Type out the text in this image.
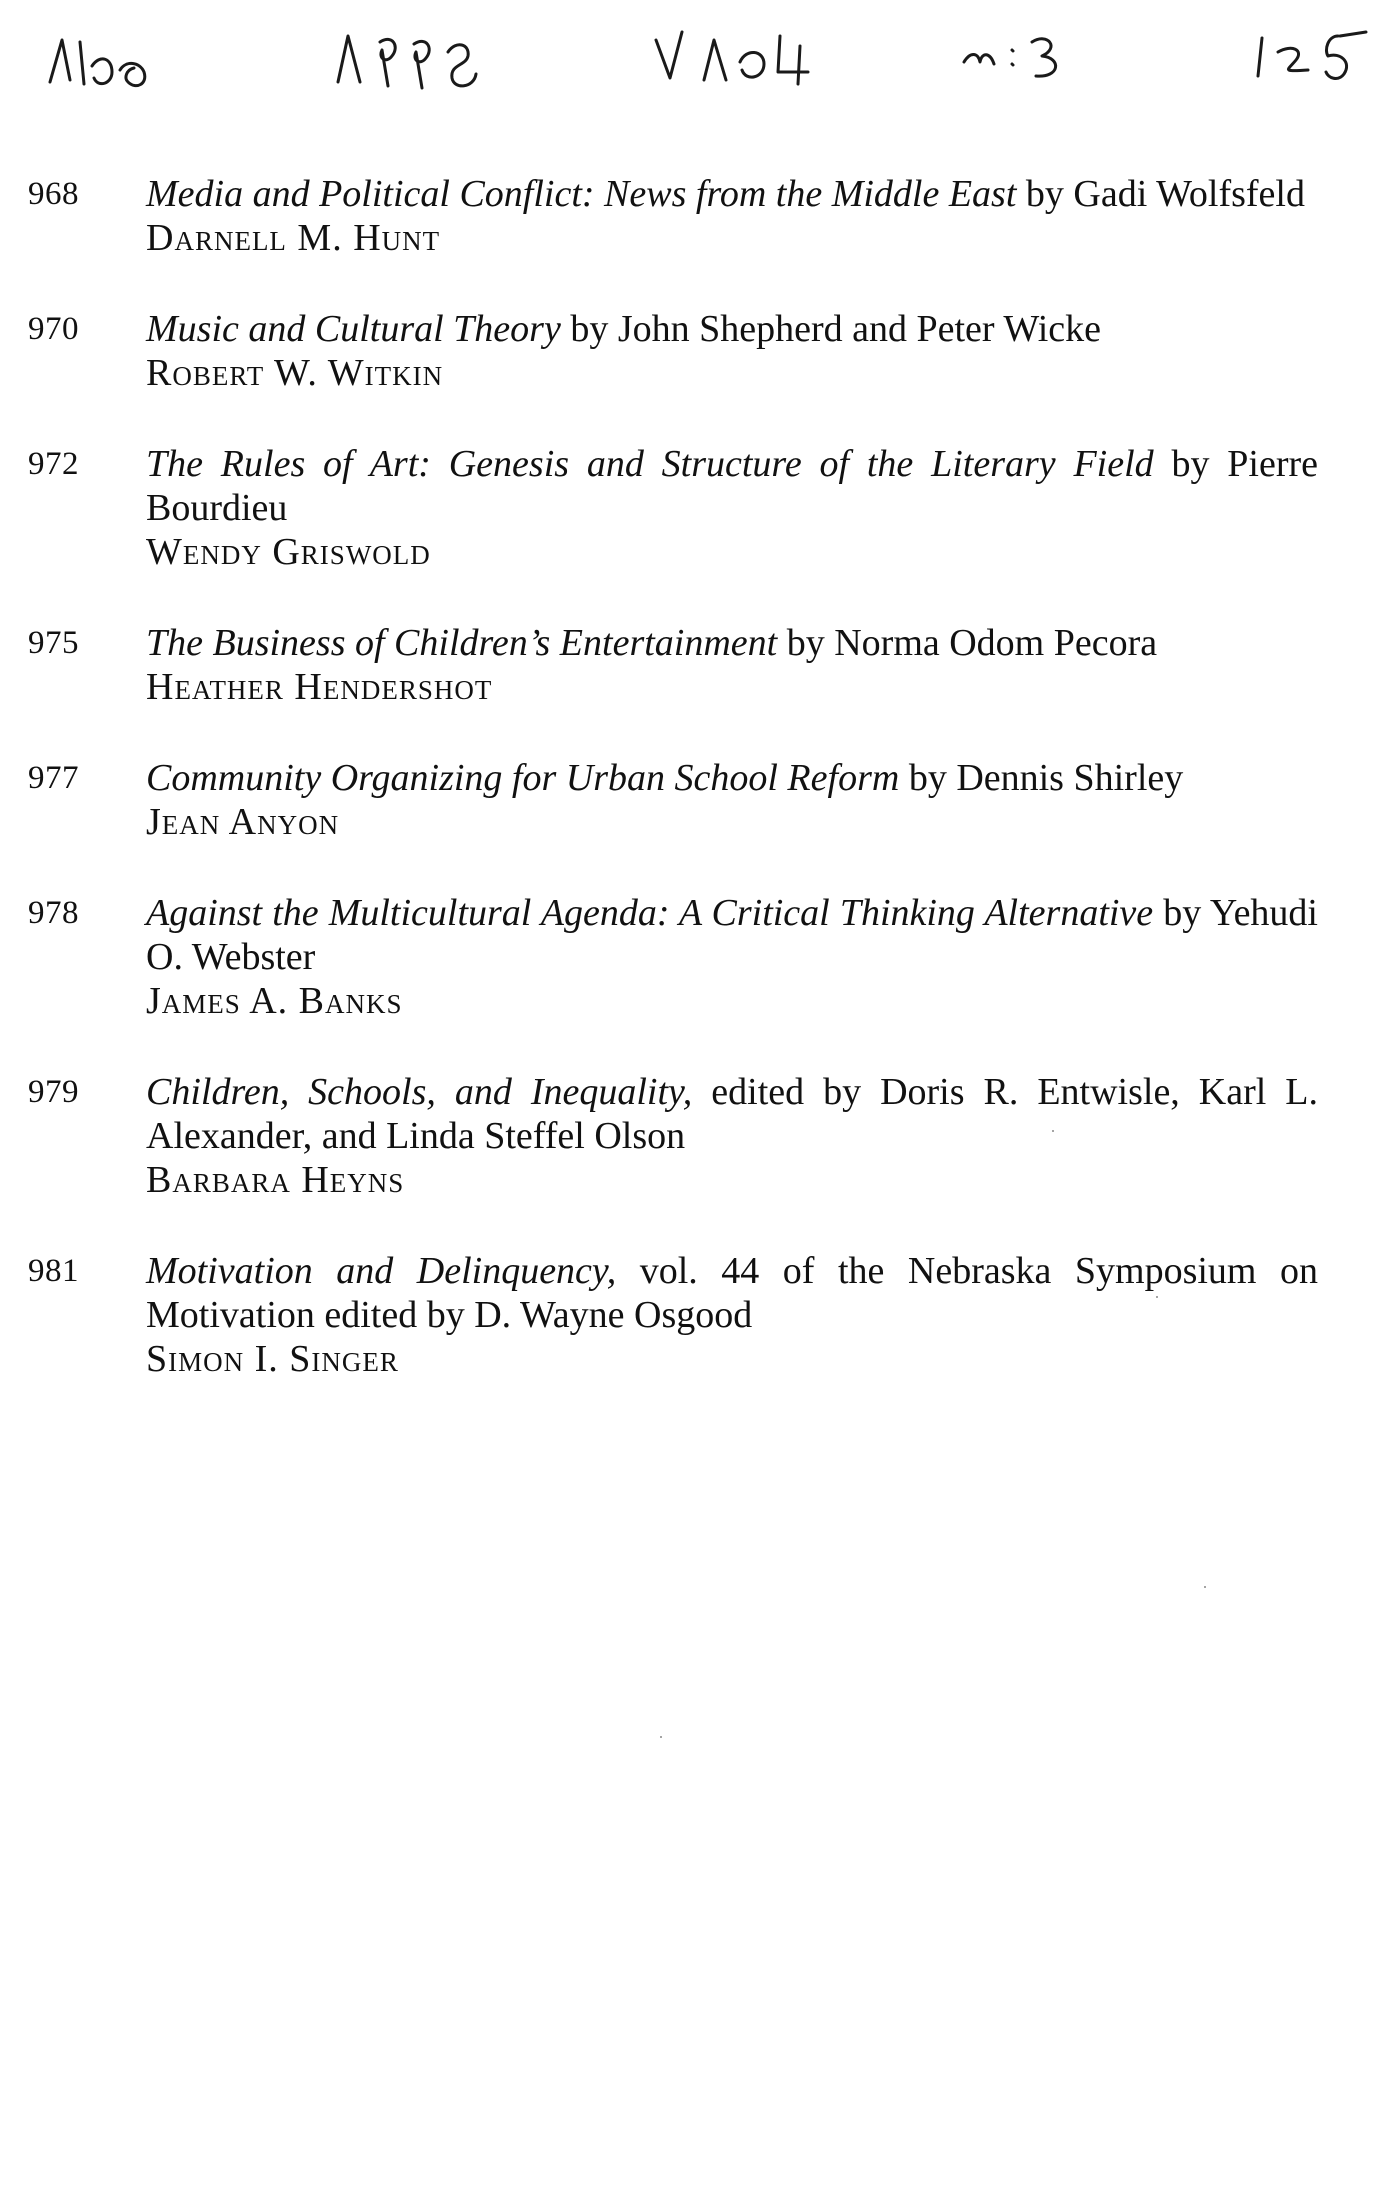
968	Media and Political Conflict: News from the Middle East by Gadi Wolfsfeld
Darnell M. Hunt
970	Music and Cultural Theory by John Shepherd and Peter Wicke
Robert W. Witkin
972	The Rules of Art: Genesis and Structure of the Literary Field by Pierre Bourdieu
Wendy Griswold
975	The Business of Children’s Entertainment by Norma Odom Pecora
Heather Hendershot
977	Community Organizing for Urban School Reform by Dennis Shirley
Jean Anyon
978	Against the Multicultural Agenda: A Critical Thinking Alternative by Yehudi O. Webster
James A. Banks
979	Children, Schools, and Inequality, edited by Doris R. Entwisle, Karl L. Alexander, and Linda Steffel Olson
Barbara Heyns
981	Motivation and Delinquency, vol. 44 of the Nebraska Symposium on Motivation edited by D. Wayne Osgood
Simon I. Singer
